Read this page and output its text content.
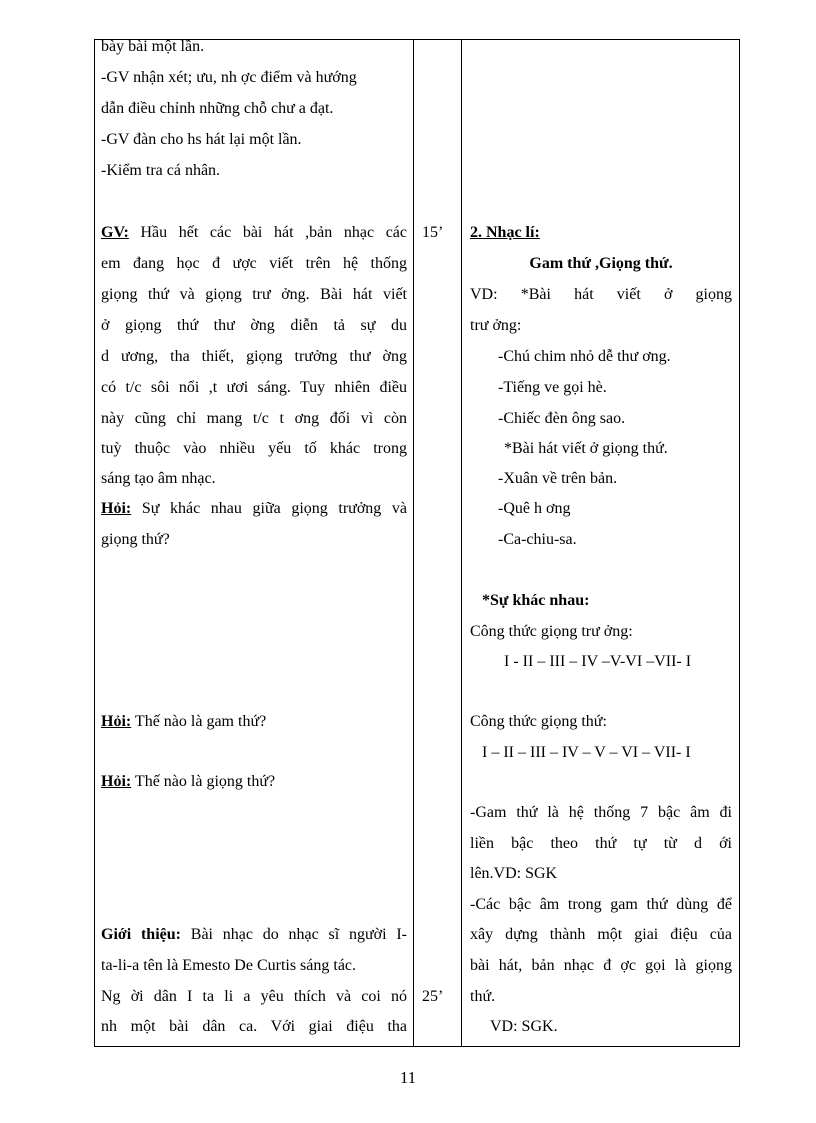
bày bài một lần.
-GV nhận xét; ưu, nh ợc điểm và hướng
dẫn điều chỉnh những chỗ chư a đạt.
-GV đàn cho hs hát lại một lần.
-Kiểm tra cá nhân.
GV: Hầu hết các bài hát ,bản nhạc các
em đang học đ ược viết trên hệ thống
giọng thứ và giọng trư ởng. Bài hát viết
ở giọng thứ thư ờng diễn tả sự du
d ương, tha thiết, giọng trưởng thư ờng
có t/c sôi nổi ,t ươi sáng. Tuy nhiên điều
này cũng chỉ mang t/c t ơng đối vì còn
tuỳ thuộc vào nhiều yếu tố khác trong
sáng tạo âm nhạc.
Hỏi: Sự khác nhau giữa giọng trưởng và
giọng thứ?
Hỏi: Thế nào là gam thứ?
Hỏi: Thế nào là giọng thứ?
Giới thiệu: Bài nhạc do nhạc sĩ người I-
ta-li-a tên là Emesto De Curtis sáng tác.
Ng ời dân I ta li a yêu thích và coi nó
nh một bài dân ca. Với giai điệu tha
15’
25’
2. Nhạc lí:
Gam thứ ,Giọng thứ.
VD: *Bài hát viết ở giọng
trư ởng:
-Chú chim nhỏ dễ thư ơng.
-Tiếng ve gọi hè.
-Chiếc đèn ông sao.
*Bài hát viết ở giọng thứ.
-Xuân về trên bản.
-Quê h ơng
-Ca-chiu-sa.
*Sự khác nhau:
Công thức giọng trư ởng:
I - II – III – IV –V-VI –VII- I
Công thức giọng thứ:
I – II – III – IV – V – VI – VII- I
-Gam thứ là hệ thống 7 bậc âm đi
liền bậc theo thứ tự từ d ới
lên.VD: SGK
-Các bậc âm trong gam thứ dùng để
xây dựng thành một giai điệu của
bài hát, bản nhạc đ ợc gọi là giọng
thứ.
VD: SGK.
11
